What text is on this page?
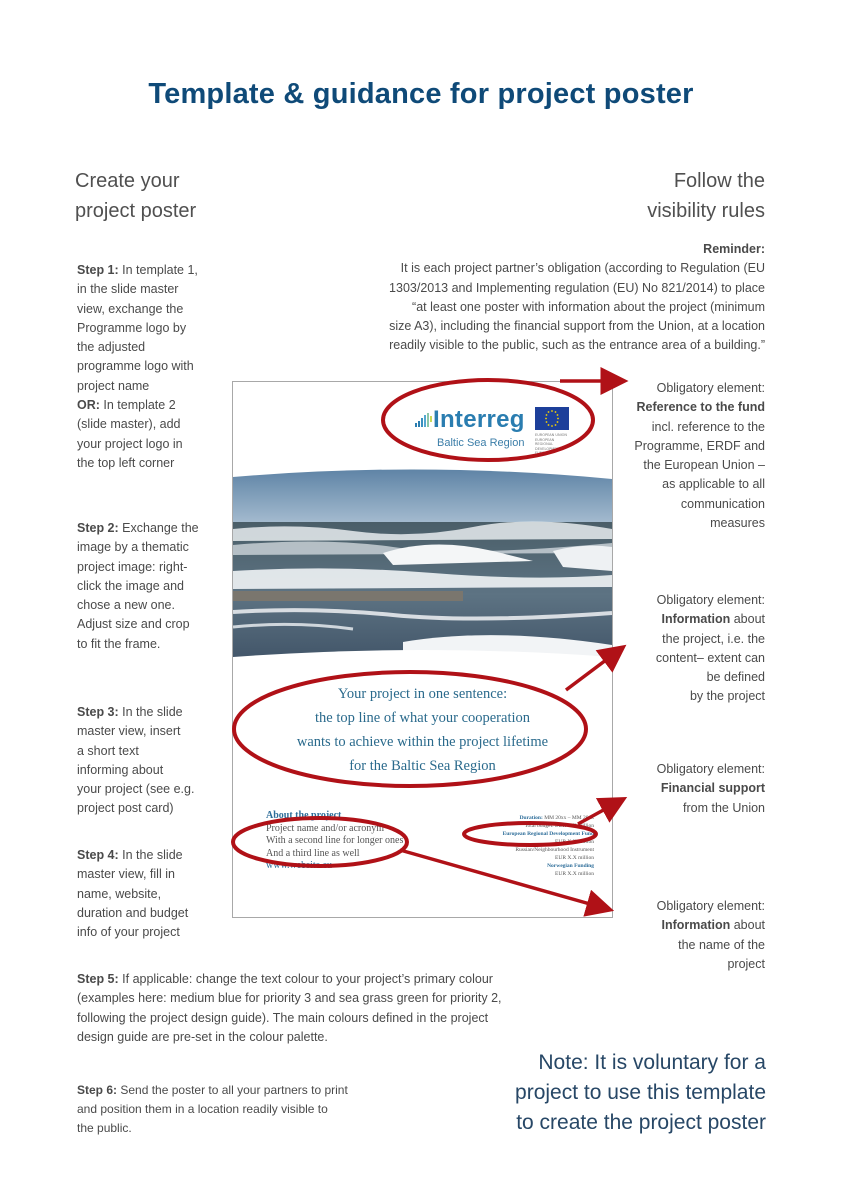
Template & guidance for project poster
Create your
project poster
Follow the
visibility rules
Step 1: In template 1,
in the slide master
view, exchange the
Programme logo by
the adjusted
programme logo with
project name
OR: In template 2
(slide master), add
your project logo in
the top left corner
Step 2: Exchange the
image by a thematic
project image: right-
click the image and
chose a new one.
Adjust size and crop
to fit the frame.
Step 3: In the slide
master view, insert
a short text
informing about
your project (see e.g.
project post card)
Step 4: In the slide
master view, fill in
name, website,
duration and budget
info of your project
Step 5: If applicable: change the text colour to your project’s primary colour
(examples here: medium blue for priority 3 and sea grass green for priority 2,
following the project design guide). The main colours defined in the project
design guide are pre-set in the colour palette.
Step 6: Send the poster to all your partners to print
and position them in a location readily visible to
the public.
Reminder:
It is each project partner’s obligation (according to Regulation (EU
1303/2013 and Implementing regulation (EU) No 821/2014) to place
“at least one poster with information about the project (minimum
size A3), including the financial support from the Union, at a location
readily visible to the public, such as the entrance area of a building.”
Obligatory element:
Reference to the fund
incl. reference to the
Programme, ERDF and
the European Union –
as applicable to all
communication
measures
Obligatory element:
Information about
the project, i.e. the
content– extent can
be defined
by the project
Obligatory element:
Financial support
from the Union
Obligatory element:
Information about
the name of the
project
Note: It is voluntary for a
project to use this template
to create the project poster
Interreg
Baltic Sea Region
EUROPEAN UNION
EUROPEAN
REGIONAL
DEVELOPMENT
FUND
Your project in one sentence:
the top line of what your cooperation
wants to achieve within the project lifetime
for the Baltic Sea Region
About the project
Project name and/or acronym
With a second line for longer ones
And a third line as well
www.website.eu
Duration: MM 20xx – MM 20xx
Total budget: EUR X.X million
European Regional Development Fund
EUR X.X million
Russian/Neighbourhood Instrument
EUR X.X million
Norwegian Funding
EUR X.X million
